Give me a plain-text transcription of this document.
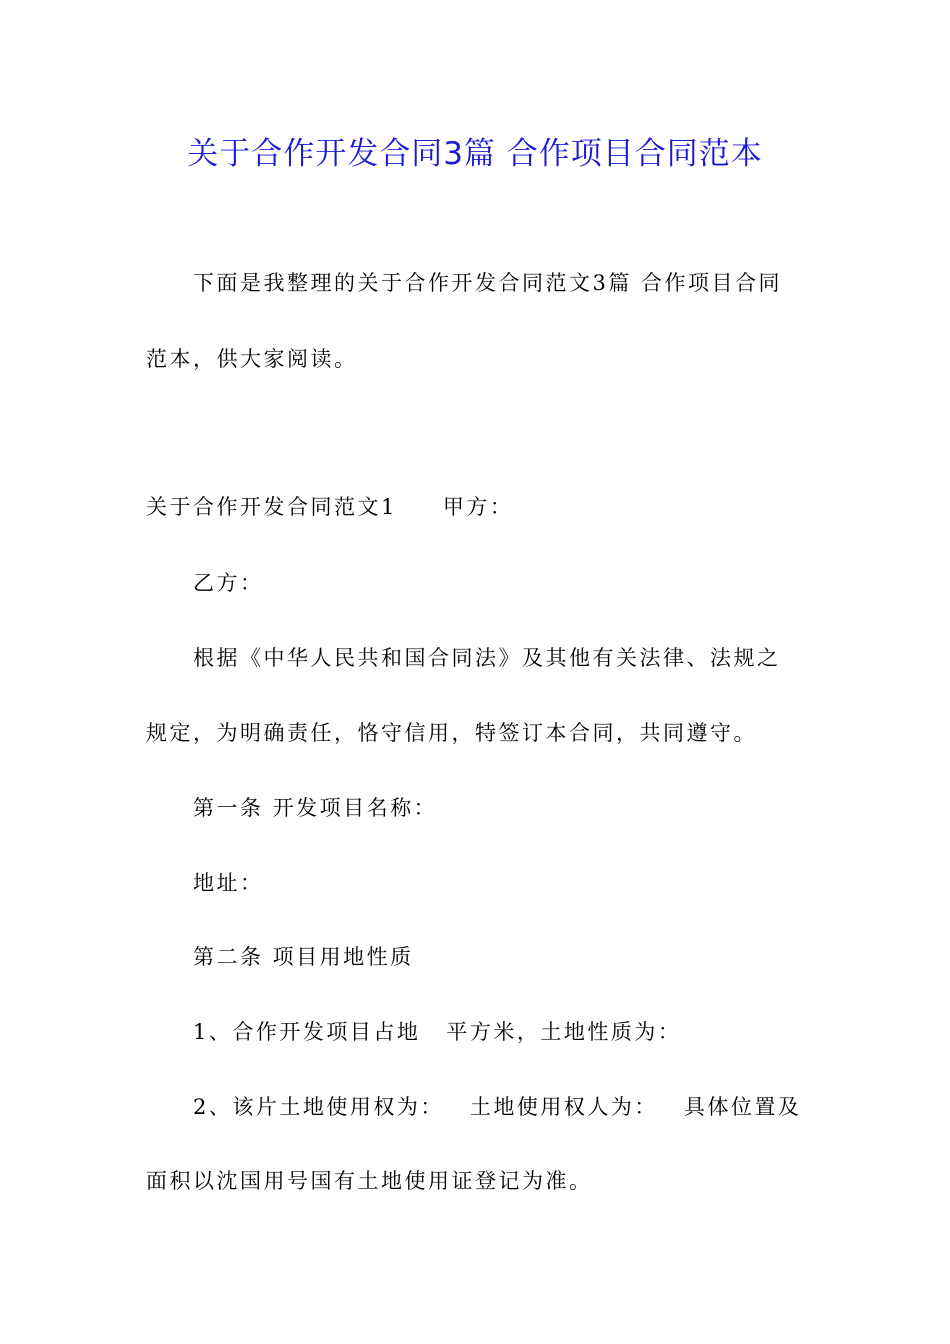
关于合作开发合同3篇 合作项目合同范本

下面是我整理的关于合作开发合同范文3篇 合作项目合同

范本，供大家阅读。

关于合作开发合同范文1 甲方：

乙方：

根据《中华人民共和国合同法》及其他有关法律、法规之

规定，为明确责任，恪守信用，特签订本合同，共同遵守。

第一条 开发项目名称：

地址：

第二条 项目用地性质

1、合作开发项目占地 平方米，土地性质为：

2、该片土地使用权为： 土地使用权人为： 具体位置及

面积以沈国用号国有土地使用证登记为准。
